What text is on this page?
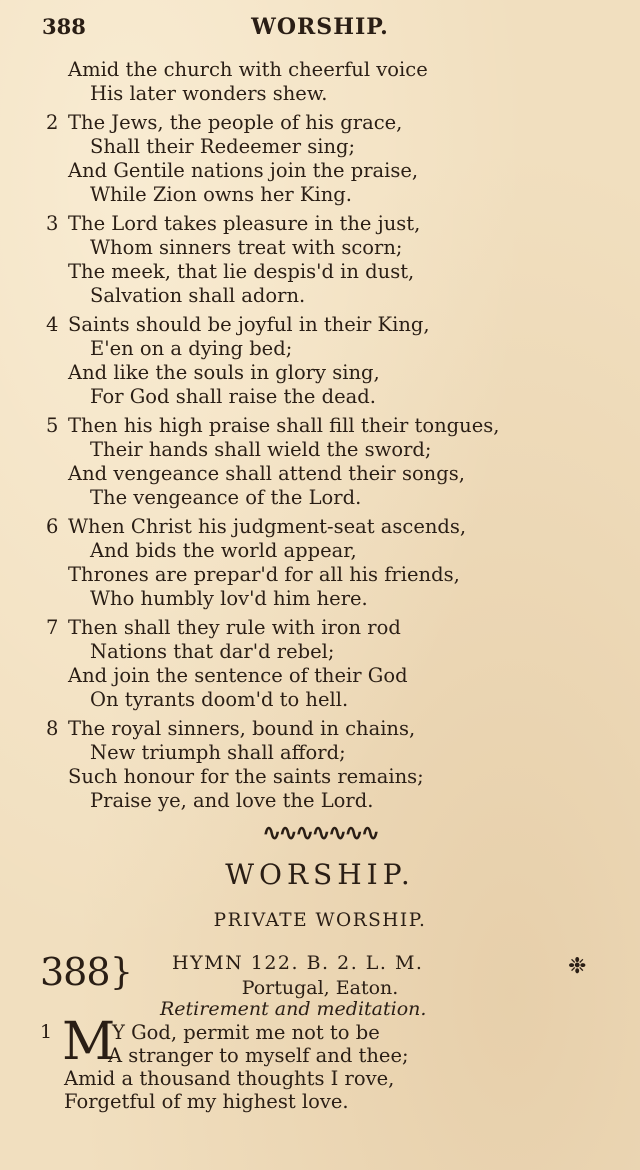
388	WORSHIP.
Amid the church with cheerful voice
His later wonders shew.
2 The Jews, the people of his grace,
Shall their Redeemer sing;
And Gentile nations join the praise,
While Zion owns her King.
3 The Lord takes pleasure in the just,
Whom sinners treat with scorn;
The meek, that lie despis'd in dust,
Salvation shall adorn.
4 Saints should be joyful in their King,
E'en on a dying bed;
And like the souls in glory sing,
For God shall raise the dead.
5 Then his high praise shall fill their tongues,
Their hands shall wield the sword;
And vengeance shall attend their songs,
The vengeance of the Lord.
6 When Christ his judgment-seat ascends,
And bids the world appear,
Thrones are prepar'd for all his friends,
Who humbly lov'd him here.
7 Then shall they rule with iron rod
Nations that dar'd rebel;
And join the sentence of their God
On tyrants doom'd to hell.
8 The royal sinners, bound in chains,
New triumph shall afford;
Such honour for the saints remains;
Praise ye, and love the Lord.
∿∿∿∿∿∿∿
WORSHIP.
PRIVATE WORSHIP.
388 } HYMN 122. B. 2. L. M.	❉
Portugal, Eaton.
Retirement and meditation.
1 M
Y God, permit me not to be
A stranger to myself and thee;
Amid a thousand thoughts I rove,
Forgetful of my highest love.
